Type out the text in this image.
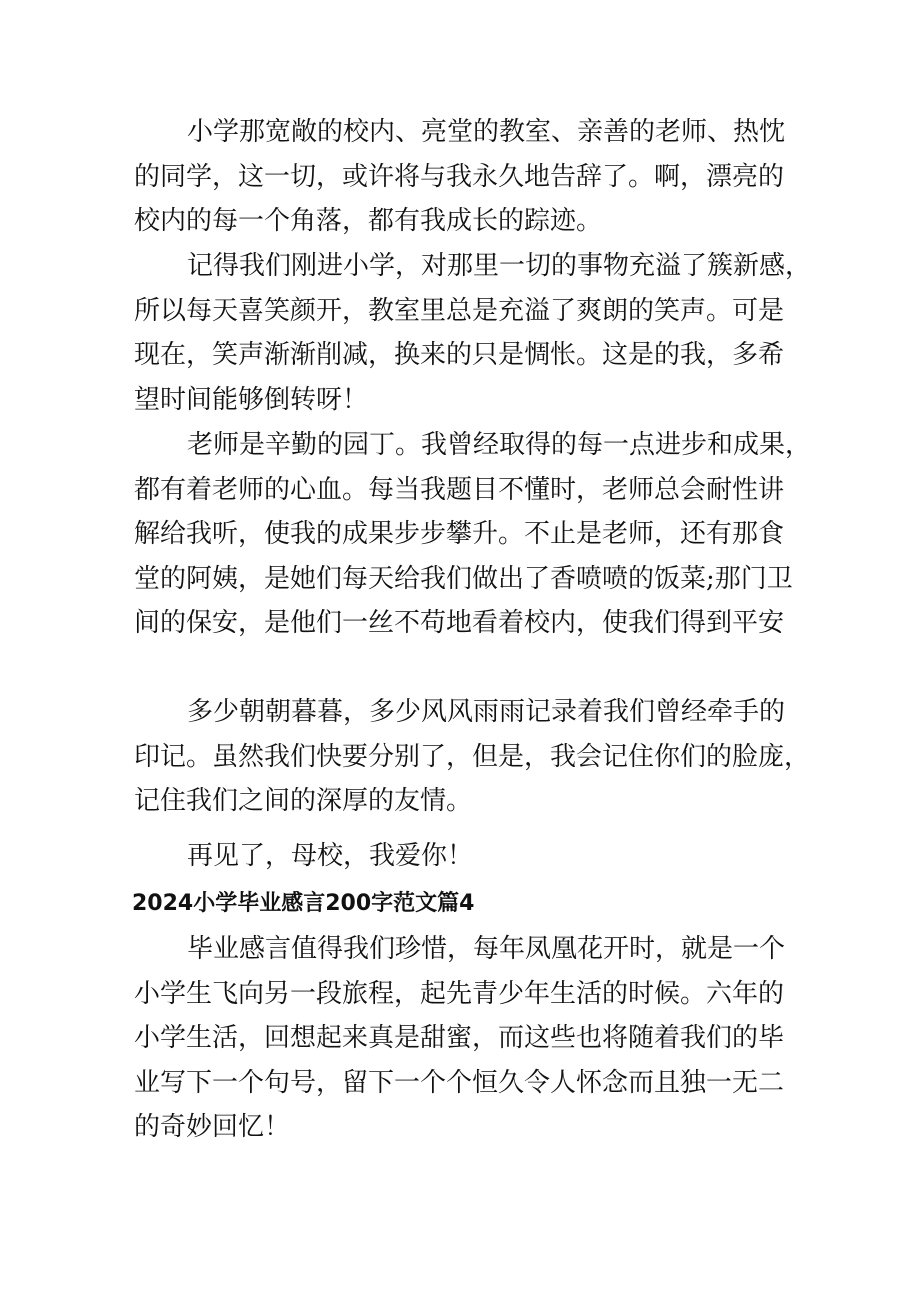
小学那宽敞的校内、亮堂的教室、亲善的老师、热忱
的同学，这一切，或许将与我永久地告辞了。啊，漂亮的
校内的每一个角落，都有我成长的踪迹。
记得我们刚进小学，对那里一切的事物充溢了簇新感，
所以每天喜笑颜开，教室里总是充溢了爽朗的笑声。可是
现在，笑声渐渐削减，换来的只是惆怅。这是的我，多希
望时间能够倒转呀！
老师是辛勤的园丁。我曾经取得的每一点进步和成果，
都有着老师的心血。每当我题目不懂时，老师总会耐性讲
解给我听，使我的成果步步攀升。不止是老师，还有那食
堂的阿姨，是她们每天给我们做出了香喷喷的饭菜;那门卫
间的保安，是他们一丝不苟地看着校内，使我们得到平安
多少朝朝暮暮，多少风风雨雨记录着我们曾经牵手的
印记。虽然我们快要分别了，但是，我会记住你们的脸庞，
记住我们之间的深厚的友情。
再见了，母校，我爱你！
2024小学毕业感言200字范文篇4
毕业感言值得我们珍惜，每年凤凰花开时，就是一个
小学生飞向另一段旅程，起先青少年生活的时候。六年的
小学生活，回想起来真是甜蜜，而这些也将随着我们的毕
业写下一个句号，留下一个个恒久令人怀念而且独一无二
的奇妙回忆！
